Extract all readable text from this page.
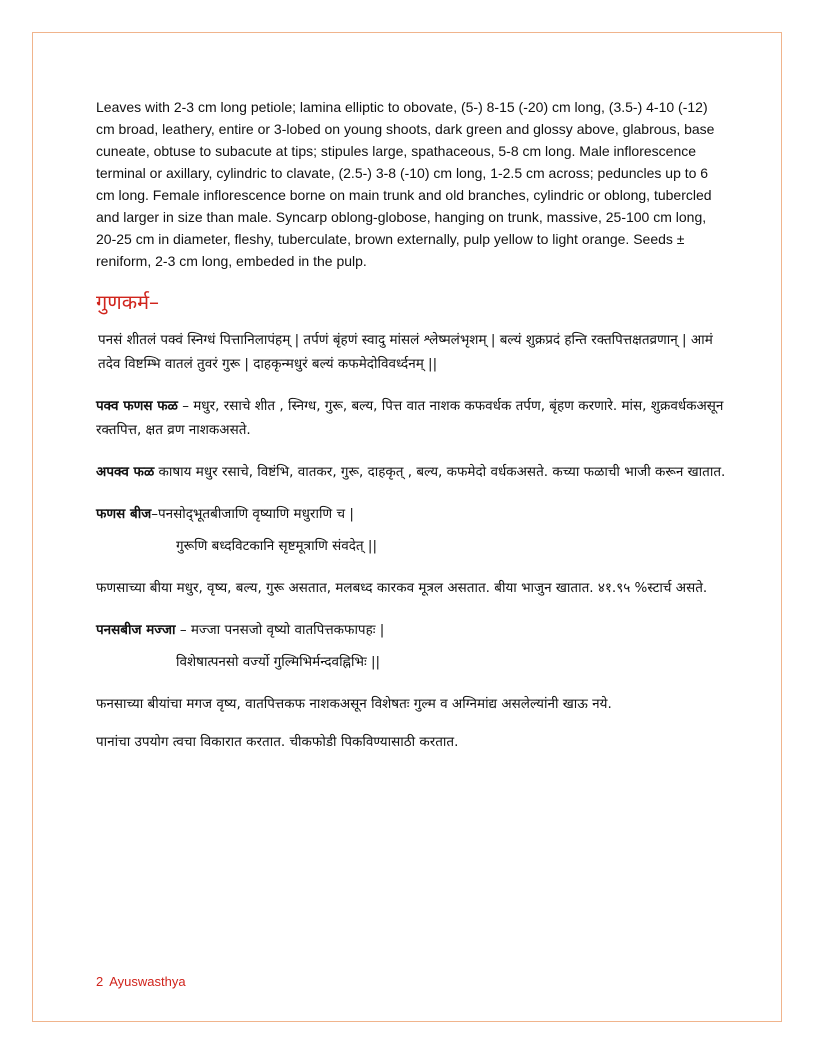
Leaves with 2-3 cm long petiole; lamina elliptic to obovate, (5-) 8-15 (-20) cm long, (3.5-) 4-10 (-12) cm broad, leathery, entire or 3-lobed on young shoots, dark green and glossy above, glabrous, base cuneate, obtuse to subacute at tips; stipules large, spathaceous, 5-8 cm long. Male inflorescence terminal or axillary, cylindric to clavate, (2.5-) 3-8 (-10) cm long, 1-2.5 cm across; peduncles up to 6 cm long. Female inflorescence borne on main trunk and old branches, cylindric or oblong, tubercled and larger in size than male. Syncarp oblong-globose, hanging on trunk, massive, 25-100 cm long, 20-25 cm in diameter, fleshy, tuberculate, brown externally, pulp yellow to light orange. Seeds ± reniform, 2-3 cm long, embeded in the pulp.

गुणकर्म–

पनसं शीतलं पक्वं स्निग्धं पित्तानिलापंहम् | तर्पणं बृंहणं स्वादु मांसलं श्लेष्मलंभृशम् | बल्यं शुक्रप्रदं हन्ति रक्तपित्तक्षतव्रणान् | आमं तदेव विष्टम्भि वातलं तुवरं गुरू | दाहकृन्मधुरं बल्यं कफमेदोविवर्ध्दनम् ||

पक्व फणस फळ – मधुर, रसाचे शीत , स्निग्ध, गुरू, बल्य, पित्त वात नाशक कफवर्धक तर्पण, बृंहण करणारे. मांस, शुक्रवर्धकअसून रक्तपित्त, क्षत व्रण नाशकअसते.

अपक्व फळ काषाय मधुर रसाचे, विष्टंभि, वातकर, गुरू, दाहकृत् , बल्य, कफमेदो वर्धकअसते. कच्या फळाची भाजी करून खातात.

फणस बीज–पनसोद्‍भूतबीजाणि वृष्याणि मधुराणि च |

गुरूणि बध्दविटकानि सृष्टमूत्राणि संवदेत् ||

फणसाच्या बीया मधुर, वृष्य, बल्य, गुरू असतात, मलबध्द कारकव मूत्रल असतात. बीया भाजुन खातात. ४१.९५ %स्टार्च असते.

पनसबीज मज्जा – मज्जा पनसजो वृष्यो वातपित्तकफापहः |

विशेषात्पनसो वर्ज्यो गुल्मिभिर्मन्दवह्निभिः ||

फनसाच्या बीयांचा मगज वृष्य, वातपित्तकफ नाशकअसून विशेषतः गुल्म व अग्निमांद्य असलेल्यांनी खाऊ नये.

पानांचा उपयोग त्वचा विकारात करतात. चीकफोडी पिकविण्यासाठी करतात.

2 Ayuswasthya
